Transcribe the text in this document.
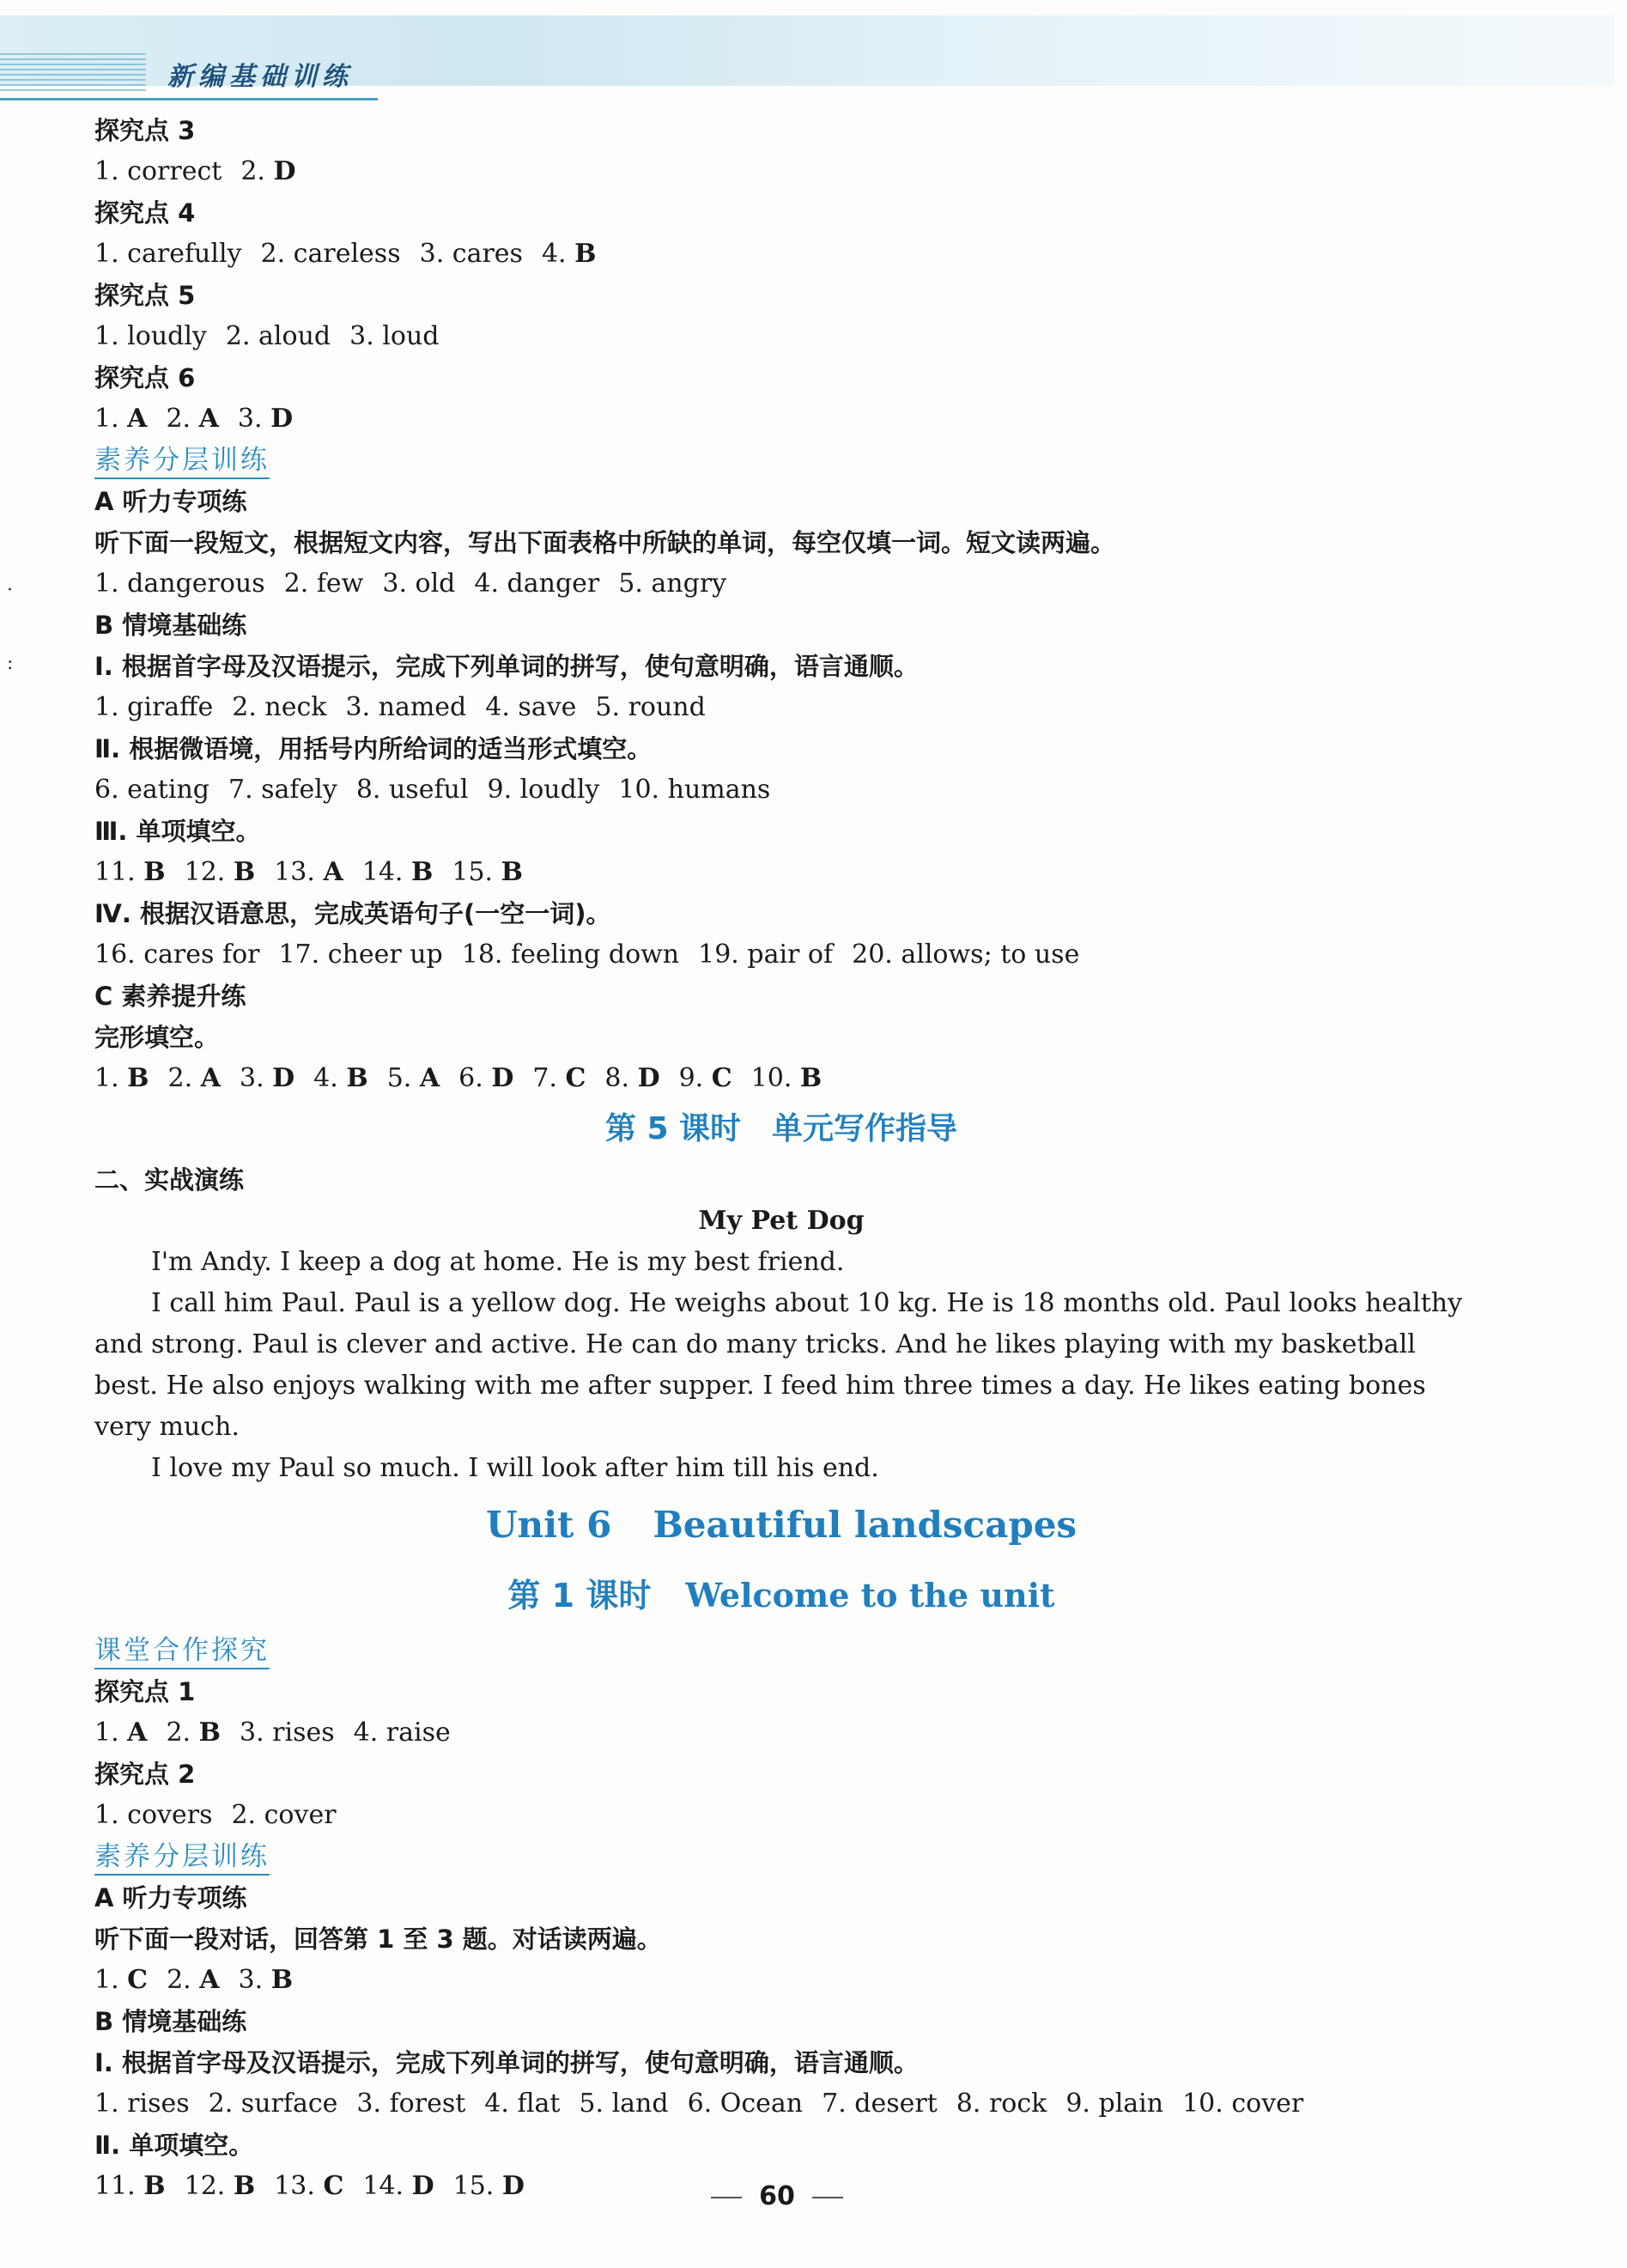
新编基础训练
·
:
探究点 3
1. correct 2. D
探究点 4
1. carefully 2. careless 3. cares 4. B
探究点 5
1. loudly 2. aloud 3. loud
探究点 6
1. A 2. A 3. D
素养分层训练
A 听力专项练
听下面一段短文，根据短文内容，写出下面表格中所缺的单词，每空仅填一词。短文读两遍。
1. dangerous 2. few 3. old 4. danger 5. angry
B 情境基础练
Ⅰ. 根据首字母及汉语提示，完成下列单词的拼写，使句意明确，语言通顺。
1. giraffe 2. neck 3. named 4. save 5. round
Ⅱ. 根据微语境，用括号内所给词的适当形式填空。
6. eating 7. safely 8. useful 9. loudly 10. humans
Ⅲ. 单项填空。
11. B 12. B 13. A 14. B 15. B
Ⅳ. 根据汉语意思，完成英语句子(一空一词)。
16. cares for 17. cheer up 18. feeling down 19. pair of 20. allows; to use
C 素养提升练
完形填空。
1. B 2. A 3. D 4. B 5. A 6. D 7. C 8. D 9. C 10. B
第 5 课时　单元写作指导
二、实战演练
My Pet Dog
I'm Andy. I keep a dog at home. He is my best friend.
I call him Paul. Paul is a yellow dog. He weighs about 10 kg. He is 18 months old. Paul looks healthy and strong. Paul is clever and active. He can do many tricks. And he likes playing with my basketball best. He also enjoys walking with me after supper. I feed him three times a day. He likes eating bones very much.
I love my Paul so much. I will look after him till his end.
Unit 6 Beautiful landscapes
第 1 课时 Welcome to the unit
课堂合作探究
探究点 1
1. A 2. B 3. rises 4. raise
探究点 2
1. covers 2. cover
素养分层训练
A 听力专项练
听下面一段对话，回答第 1 至 3 题。对话读两遍。
1. C 2. A 3. B
B 情境基础练
Ⅰ. 根据首字母及汉语提示，完成下列单词的拼写，使句意明确，语言通顺。
1. rises 2. surface 3. forest 4. flat 5. land 6. Ocean 7. desert 8. rock 9. plain 10. cover
Ⅱ. 单项填空。
11. B 12. B 13. C 14. D 15. D	60
